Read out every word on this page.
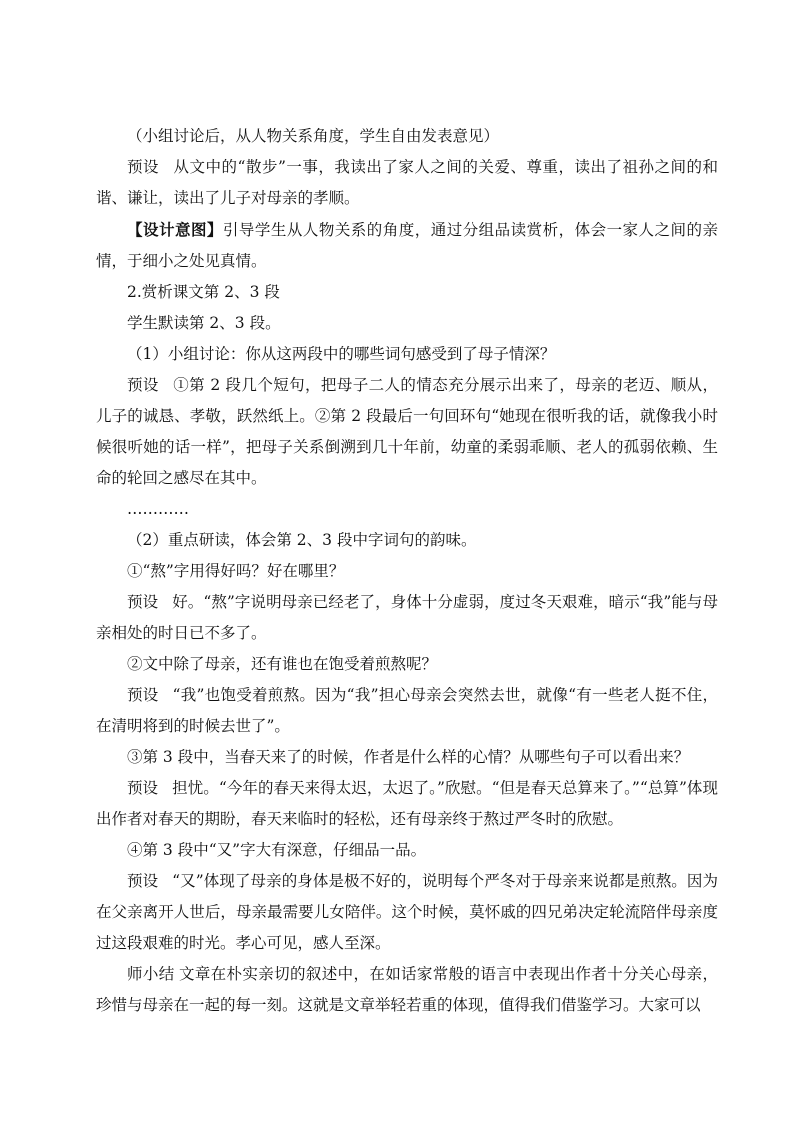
（小组讨论后，从人物关系角度，学生自由发表意见）

预设 从文中的“散步”一事，我读出了家人之间的关爱、尊重，读出了祖孙之间的和谐、谦让，读出了儿子对母亲的孝顺。

【设计意图】引导学生从人物关系的角度，通过分组品读赏析，体会一家人之间的亲情，于细小之处见真情。

2.赏析课文第 2、3 段

学生默读第 2、3 段。

（1）小组讨论：你从这两段中的哪些词句感受到了母子情深？

预设 ①第 2 段几个短句，把母子二人的情态充分展示出来了，母亲的老迈、顺从，儿子的诚恳、孝敬，跃然纸上。②第 2 段最后一句回环句“她现在很听我的话，就像我小时候很听她的话一样”，把母子关系倒溯到几十年前，幼童的柔弱乖顺、老人的孤弱依赖、生命的轮回之感尽在其中。

…………

（2）重点研读，体会第 2、3 段中字词句的韵味。

①“熬”字用得好吗？好在哪里？

预设 好。“熬”字说明母亲已经老了，身体十分虚弱，度过冬天艰难，暗示“我”能与母亲相处的时日已不多了。

②文中除了母亲，还有谁也在饱受着煎熬呢？

预设 “我”也饱受着煎熬。因为“我”担心母亲会突然去世，就像“有一些老人挺不住，在清明将到的时候去世了”。

③第 3 段中，当春天来了的时候，作者是什么样的心情？从哪些句子可以看出来？

预设 担忧。“今年的春天来得太迟，太迟了。”欣慰。“但是春天总算来了。”“总算”体现出作者对春天的期盼，春天来临时的轻松，还有母亲终于熬过严冬时的欣慰。

④第 3 段中“又”字大有深意，仔细品一品。

预设 “又”体现了母亲的身体是极不好的，说明每个严冬对于母亲来说都是煎熬。因为在父亲离开人世后，母亲最需要儿女陪伴。这个时候，莫怀戚的四兄弟决定轮流陪伴母亲度过这段艰难的时光。孝心可见，感人至深。

师小结 文章在朴实亲切的叙述中，在如话家常般的语言中表现出作者十分关心母亲，珍惜与母亲在一起的每一刻。这就是文章举轻若重的体现，值得我们借鉴学习。大家可以
